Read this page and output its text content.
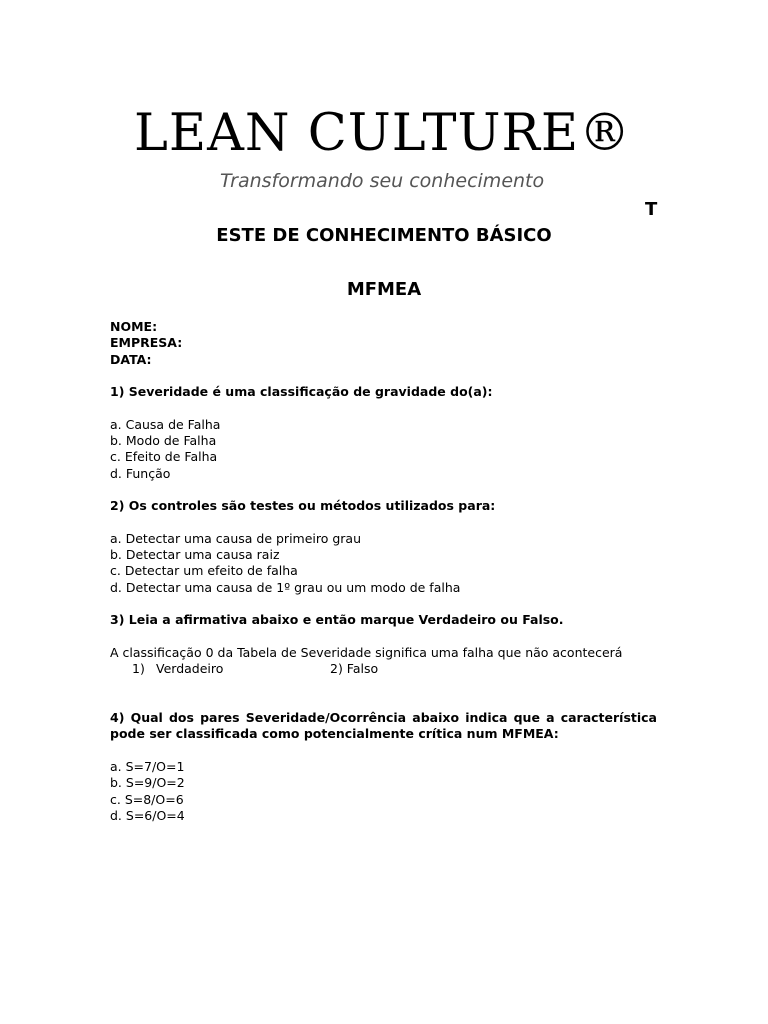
LEAN CULTURE®
Transformando seu conhecimento
T
ESTE DE CONHECIMENTO BÁSICO
MFMEA
NOME:
EMPRESA:
DATA:
1) Severidade é uma classificação de gravidade do(a):
a. Causa de Falha
b. Modo de Falha
c. Efeito de Falha
d. Função
2) Os controles são testes ou métodos utilizados para:
a. Detectar uma causa de primeiro grau
b. Detectar uma causa raiz
c. Detectar um efeito de falha
d. Detectar uma causa de 1º grau ou um modo de falha
3) Leia a afirmativa abaixo e então marque Verdadeiro ou Falso.
A classificação 0 da Tabela de Severidade significa uma falha que não acontecerá
1) Verdadeiro	2) Falso
4) Qual dos pares Severidade/Ocorrência abaixo indica que a característica pode ser classificada como potencialmente crítica num MFMEA:
a. S=7/O=1
b. S=9/O=2
c. S=8/O=6
d. S=6/O=4
